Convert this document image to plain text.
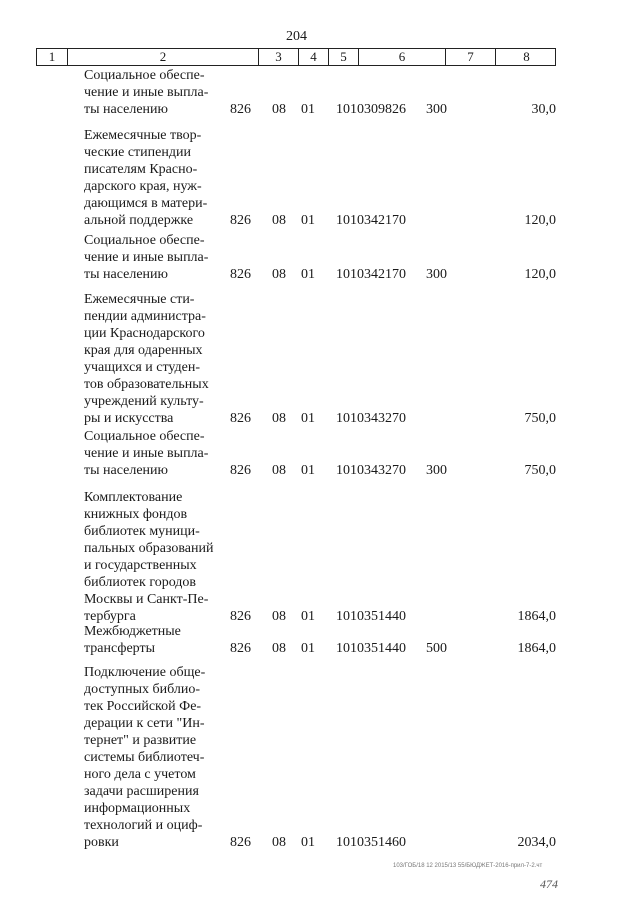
204
1	2	3	4	5	6	7	8
Социальное обеспе-
чение и иные выпла-
ты населению	826 08 01 1010309826 300	30,0
Ежемесячные твор-
ческие стипендии
писателям Красно-
дарского края, нуж-
дающимся в матери-
альной поддержке	826 08 01 1010342170	120,0
Социальное обеспе-
чение и иные выпла-
ты населению	826 08 01 1010342170 300	120,0
Ежемесячные сти-
пендии администра-
ции Краснодарского
края для одаренных
учащихся и студен-
тов образовательных
учреждений культу-
ры и искусства	826 08 01 1010343270	750,0
Социальное обеспе-
чение и иные выпла-
ты населению	826 08 01 1010343270 300	750,0
Комплектование
книжных фондов
библиотек муници-
пальных образований
и государственных
библиотек городов
Москвы и Санкт-Пе-
тербурга	826 08 01 1010351440	1864,0
Межбюджетные
трансферты	826 08 01 1010351440 500	1864,0
Подключение обще-
доступных библио-
тек Российской Фе-
дерации к сети "Ин-
тернет" и развитие
системы библиотеч-
ного дела с учетом
задачи расширения
информационных
технологий и оциф-
ровки	826 08 01 1010351460	2034,0
103/ГОБ/18 12 2015/13 55/БЮДЖЕТ-2016-прил-7-2.чт
474
